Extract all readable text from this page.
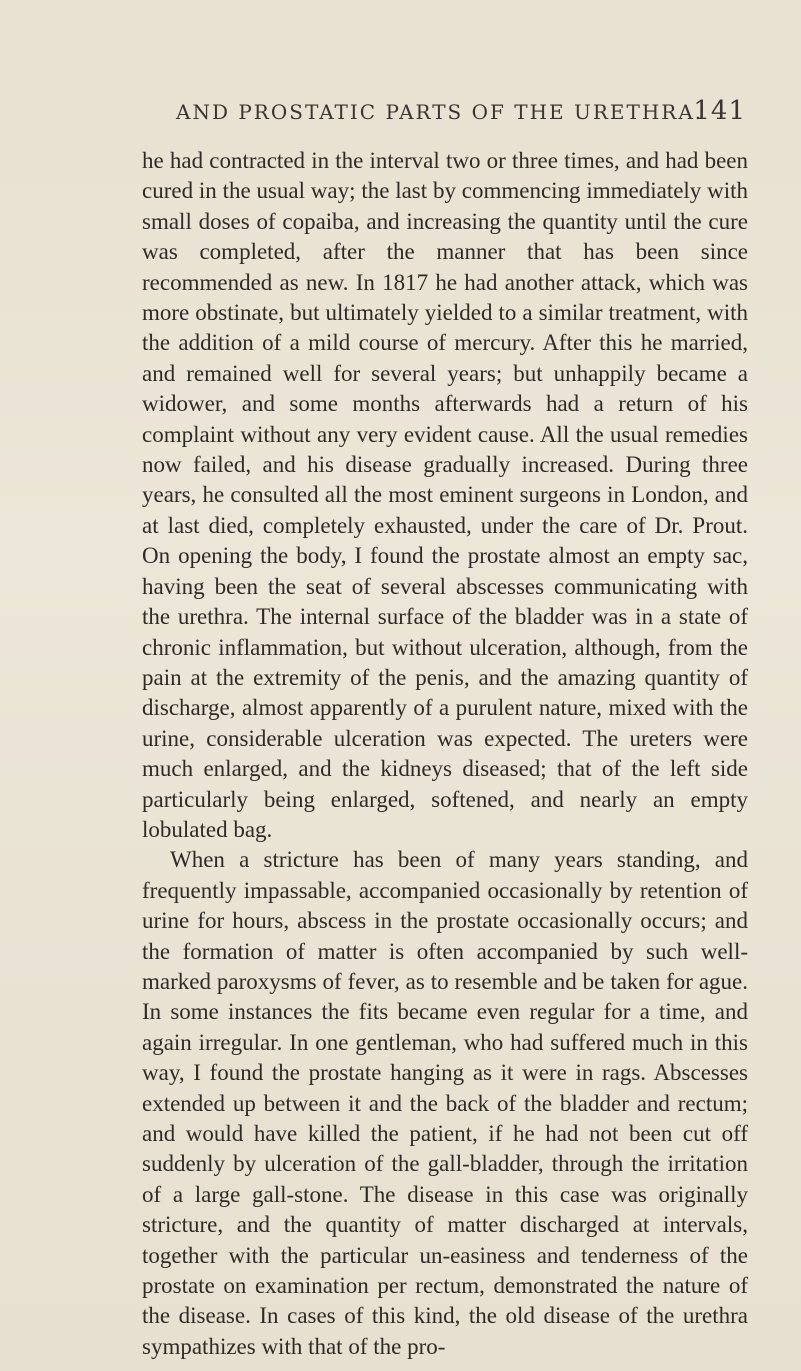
AND PROSTATIC PARTS OF THE URETHRA.
141

he had contracted in the interval two or three times, and had been cured in the usual way; the last by commencing immediately with small doses of copaiba, and increasing the quantity until the cure was completed, after the manner that has been since recommended as new. In 1817 he had another attack, which was more obstinate, but ultimately yielded to a similar treatment, with the addition of a mild course of mercury. After this he married, and remained well for several years; but unhappily became a widower, and some months afterwards had a return of his complaint without any very evident cause. All the usual remedies now failed, and his disease gradually increased. During three years, he consulted all the most eminent surgeons in London, and at last died, completely exhausted, under the care of Dr. Prout. On opening the body, I found the prostate almost an empty sac, having been the seat of several abscesses communicating with the urethra. The internal surface of the bladder was in a state of chronic inflammation, but without ulceration, although, from the pain at the extremity of the penis, and the amazing quantity of discharge, almost apparently of a purulent nature, mixed with the urine, considerable ulceration was expected. The ureters were much enlarged, and the kidneys diseased; that of the left side particularly being enlarged, softened, and nearly an empty lobulated bag.

When a stricture has been of many years standing, and frequently impassable, accompanied occasionally by retention of urine for hours, abscess in the prostate occasionally occurs; and the formation of matter is often accompanied by such well-marked paroxysms of fever, as to resemble and be taken for ague. In some instances the fits became even regular for a time, and again irregular. In one gentleman, who had suffered much in this way, I found the prostate hanging as it were in rags. Abscesses extended up between it and the back of the bladder and rectum; and would have killed the patient, if he had not been cut off suddenly by ulceration of the gall-bladder, through the irritation of a large gall-stone. The disease in this case was originally stricture, and the quantity of matter discharged at intervals, together with the particular un-easiness and tenderness of the prostate on examination per rectum, demonstrated the nature of the disease. In cases of this kind, the old disease of the urethra sympathizes with that of the pro-
